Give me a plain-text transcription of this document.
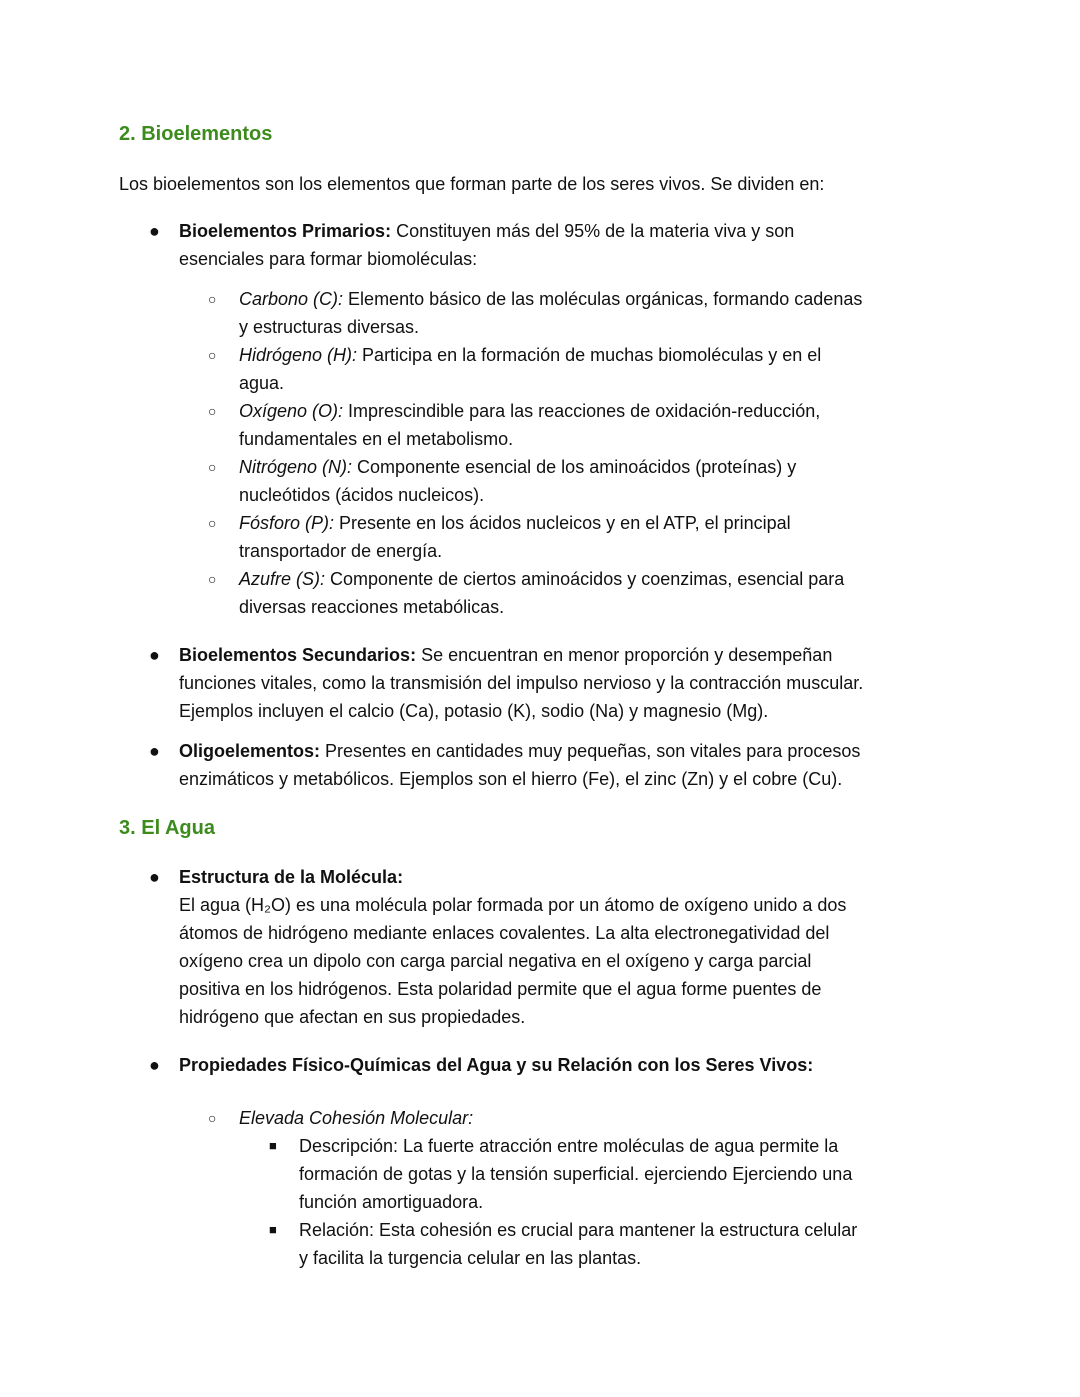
2. Bioelementos

Los bioelementos son los elementos que forman parte de los seres vivos. Se dividen en:

● Bioelementos Primarios: Constituyen más del 95% de la materia viva y son esenciales para formar biomoléculas:
○ Carbono (C): Elemento básico de las moléculas orgánicas, formando cadenas y estructuras diversas.
○ Hidrógeno (H): Participa en la formación de muchas biomoléculas y en el agua.
○ Oxígeno (O): Imprescindible para las reacciones de oxidación-reducción, fundamentales en el metabolismo.
○ Nitrógeno (N): Componente esencial de los aminoácidos (proteínas) y nucleótidos (ácidos nucleicos).
○ Fósforo (P): Presente en los ácidos nucleicos y en el ATP, el principal transportador de energía.
○ Azufre (S): Componente de ciertos aminoácidos y coenzimas, esencial para diversas reacciones metabólicas.
● Bioelementos Secundarios: Se encuentran en menor proporción y desempeñan funciones vitales, como la transmisión del impulso nervioso y la contracción muscular. Ejemplos incluyen el calcio (Ca), potasio (K), sodio (Na) y magnesio (Mg).
● Oligoelementos: Presentes en cantidades muy pequeñas, son vitales para procesos enzimáticos y metabólicos. Ejemplos son el hierro (Fe), el zinc (Zn) y el cobre (Cu).
3. El Agua
● Estructura de la Molécula:
El agua (H₂O) es una molécula polar formada por un átomo de oxígeno unido a dos átomos de hidrógeno mediante enlaces covalentes. La alta electronegatividad del oxígeno crea un dipolo con carga parcial negativa en el oxígeno y carga parcial positiva en los hidrógenos. Esta polaridad permite que el agua forme puentes de hidrógeno que afectan en sus propiedades.
● Propiedades Físico-Químicas del Agua y su Relación con los Seres Vivos:
○ Elevada Cohesión Molecular:
■ Descripción: La fuerte atracción entre moléculas de agua permite la formación de gotas y la tensión superficial. ejerciendo Ejerciendo una función amortiguadora.
■ Relación: Esta cohesión es crucial para mantener la estructura celular y facilita la turgencia celular en las plantas.
